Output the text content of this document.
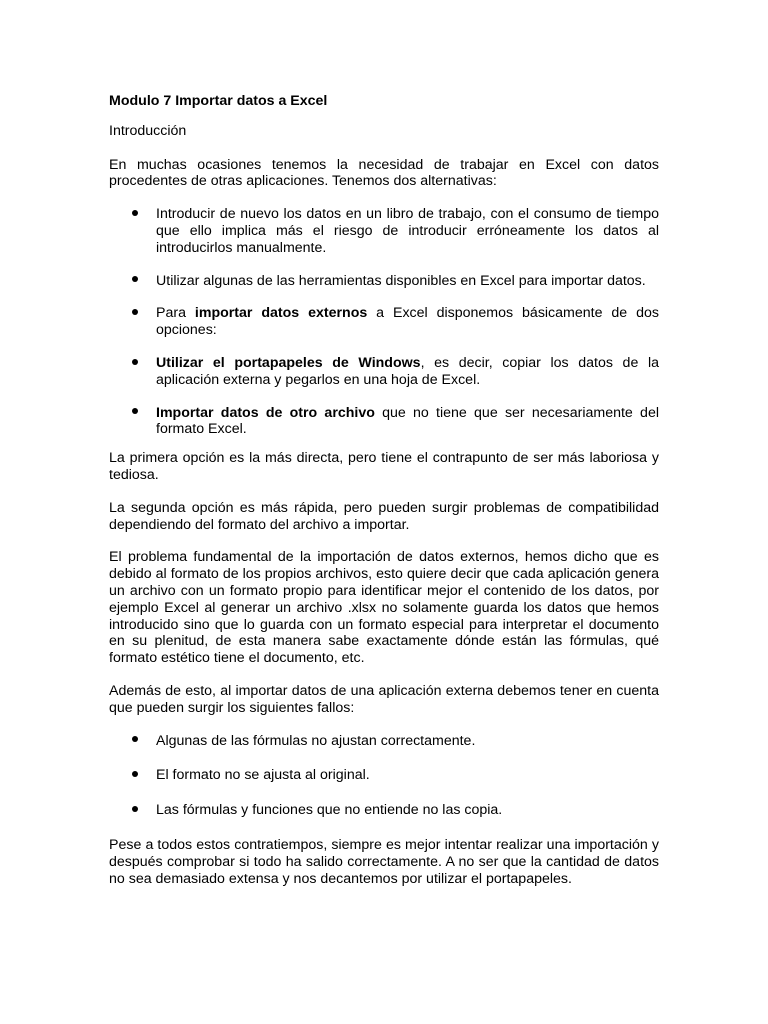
Modulo 7 Importar datos a Excel

Introducción

En muchas ocasiones tenemos la necesidad de trabajar en Excel con datos procedentes de otras aplicaciones. Tenemos dos alternativas:

Introducir de nuevo los datos en un libro de trabajo, con el consumo de tiempo que ello implica más el riesgo de introducir erróneamente los datos al introducirlos manualmente.
Utilizar algunas de las herramientas disponibles en Excel para importar datos.
Para importar datos externos a Excel disponemos básicamente de dos opciones:
Utilizar el portapapeles de Windows, es decir, copiar los datos de la aplicación externa y pegarlos en una hoja de Excel.
Importar datos de otro archivo que no tiene que ser necesariamente del formato Excel.

La primera opción es la más directa, pero tiene el contrapunto de ser más laboriosa y tediosa.

La segunda opción es más rápida, pero pueden surgir problemas de compatibilidad dependiendo del formato del archivo a importar.

El problema fundamental de la importación de datos externos, hemos dicho que es debido al formato de los propios archivos, esto quiere decir que cada aplicación genera un archivo con un formato propio para identificar mejor el contenido de los datos, por ejemplo Excel al generar un archivo .xlsx no solamente guarda los datos que hemos introducido sino que lo guarda con un formato especial para interpretar el documento en su plenitud, de esta manera sabe exactamente dónde están las fórmulas, qué formato estético tiene el documento, etc.

Además de esto, al importar datos de una aplicación externa debemos tener en cuenta que pueden surgir los siguientes fallos:

Algunas de las fórmulas no ajustan correctamente.
El formato no se ajusta al original.
Las fórmulas y funciones que no entiende no las copia.

Pese a todos estos contratiempos, siempre es mejor intentar realizar una importación y después comprobar si todo ha salido correctamente. A no ser que la cantidad de datos no sea demasiado extensa y nos decantemos por utilizar el portapapeles.
